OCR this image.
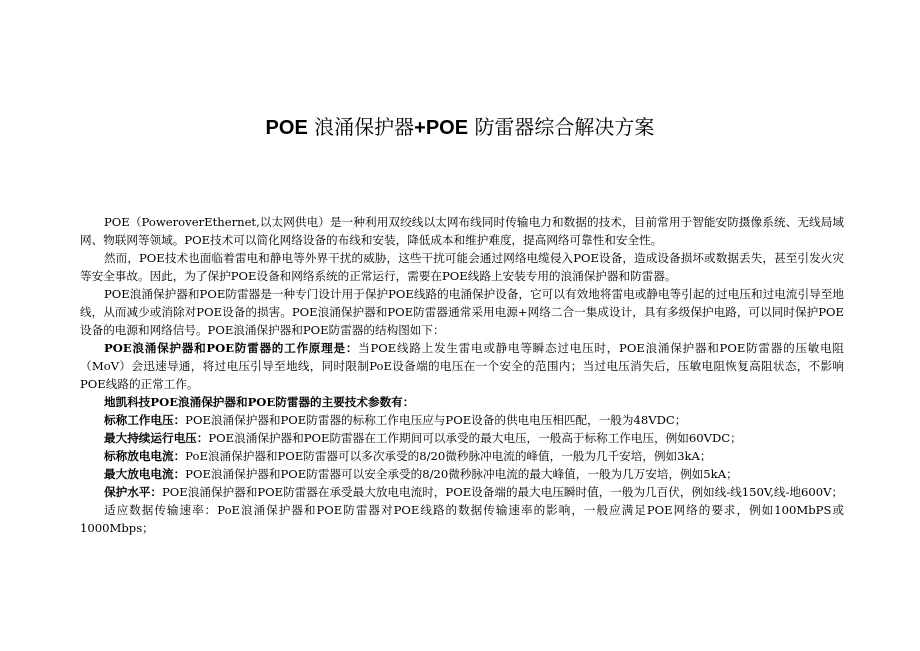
POE 浪涌保护器+POE 防雷器综合解决方案

POE（PoweroverEthernet,以太网供电）是一种利用双绞线以太网布线同时传输电力和数据的技术，目前常用于智能安防摄像系统、无线局域网、物联网等领域。POE技术可以简化网络设备的布线和安装，降低成本和维护难度，提高网络可靠性和安全性。

然而，POE技术也面临着雷电和静电等外界干扰的威胁，这些干扰可能会通过网络电缆侵入POE设备，造成设备损坏或数据丢失，甚至引发火灾等安全事故。因此，为了保护POE设备和网络系统的正常运行，需要在POE线路上安装专用的浪涌保护器和防雷器。

POE浪涌保护器和POE防雷器是一种专门设计用于保护POE线路的电涌保护设备，它可以有效地将雷电或静电等引起的过电压和过电流引导至地线，从而减少或消除对POE设备的损害。POE浪涌保护器和POE防雷器通常采用电源+网络二合一集成设计，具有多级保护电路，可以同时保护POE设备的电源和网络信号。POE浪涌保护器和POE防雷器的结构图如下：

POE浪涌保护器和POE防雷器的工作原理是：当POE线路上发生雷电或静电等瞬态过电压时，POE浪涌保护器和POE防雷器的压敏电阻（MoV）会迅速导通，将过电压引导至地线，同时限制PoE设备端的电压在一个安全的范围内；当过电压消失后，压敏电阻恢复高阻状态，不影响POE线路的正常工作。

地凯科技POE浪涌保护器和POE防雷器的主要技术参数有：

标称工作电压：POE浪涌保护器和POE防雷器的标称工作电压应与POE设备的供电电压相匹配，一般为48VDC；

最大持续运行电压：POE浪涌保护器和POE防雷器在工作期间可以承受的最大电压，一般高于标称工作电压，例如60VDC；

标称放电电流：PoE浪涌保护器和POE防雷器可以多次承受的8/20微秒脉冲电流的峰值，一般为几千安培，例如3kA；

最大放电电流：POE浪涌保护器和POE防雷器可以安全承受的8/20微秒脉冲电流的最大峰值，一般为几万安培，例如5kA；

保护水平：POE浪涌保护器和POE防雷器在承受最大放电电流时，POE设备端的最大电压瞬时值，一般为几百伏，例如线-线150V,线-地600V；

适应数据传输速率：PoE浪涌保护器和POE防雷器对POE线路的数据传输速率的影响，一般应满足POE网络的要求，例如100MbPS或1000Mbps；
